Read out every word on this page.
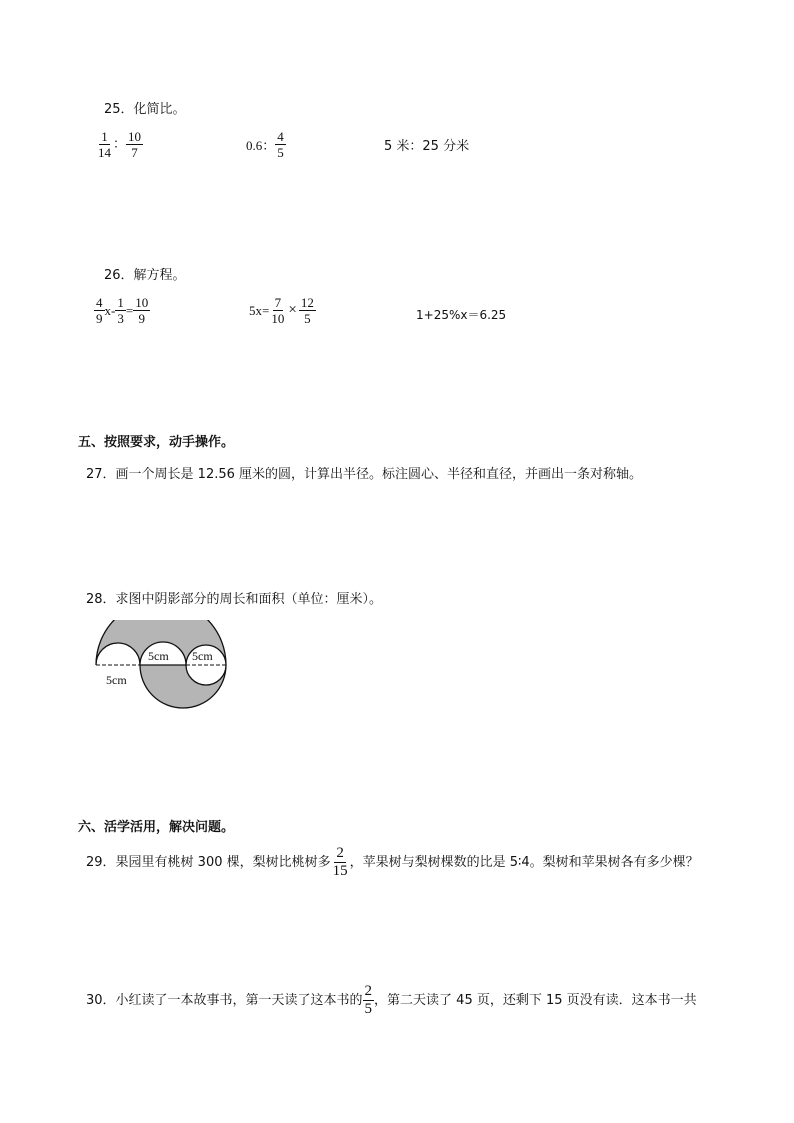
25．化简比。
$\frac{1}{14}$ ： $\frac{10}{7}$	0.6： $\frac{4}{5}$	5 米：25 分米
26．解方程。
$\frac{4}{9} x- \frac{1}{3} = \frac{10}{9}$	$5x= \frac{7}{10} \times \frac{12}{5}$	1+25%x＝6.25
五、按照要求，动手操作。
27．画一个周长是 12.56 厘米的圆，计算出半径。标注圆心、半径和直径，并画出一条对称轴。
28．求图中阴影部分的周长和面积（单位：厘米）。
5cm 5cm
5cm
六、活学活用，解决问题。
29．果园里有桃树 300 棵，梨树比桃树多 $\frac{2}{15}$ ，苹果树与梨树棵数的比是 5∶4。梨树和苹果树各有多少棵？
30．小红读了一本故事书，第一天读了这本书的 $\frac{2}{5}$ ，第二天读了 45 页，还剩下 15 页没有读．这本书一共
